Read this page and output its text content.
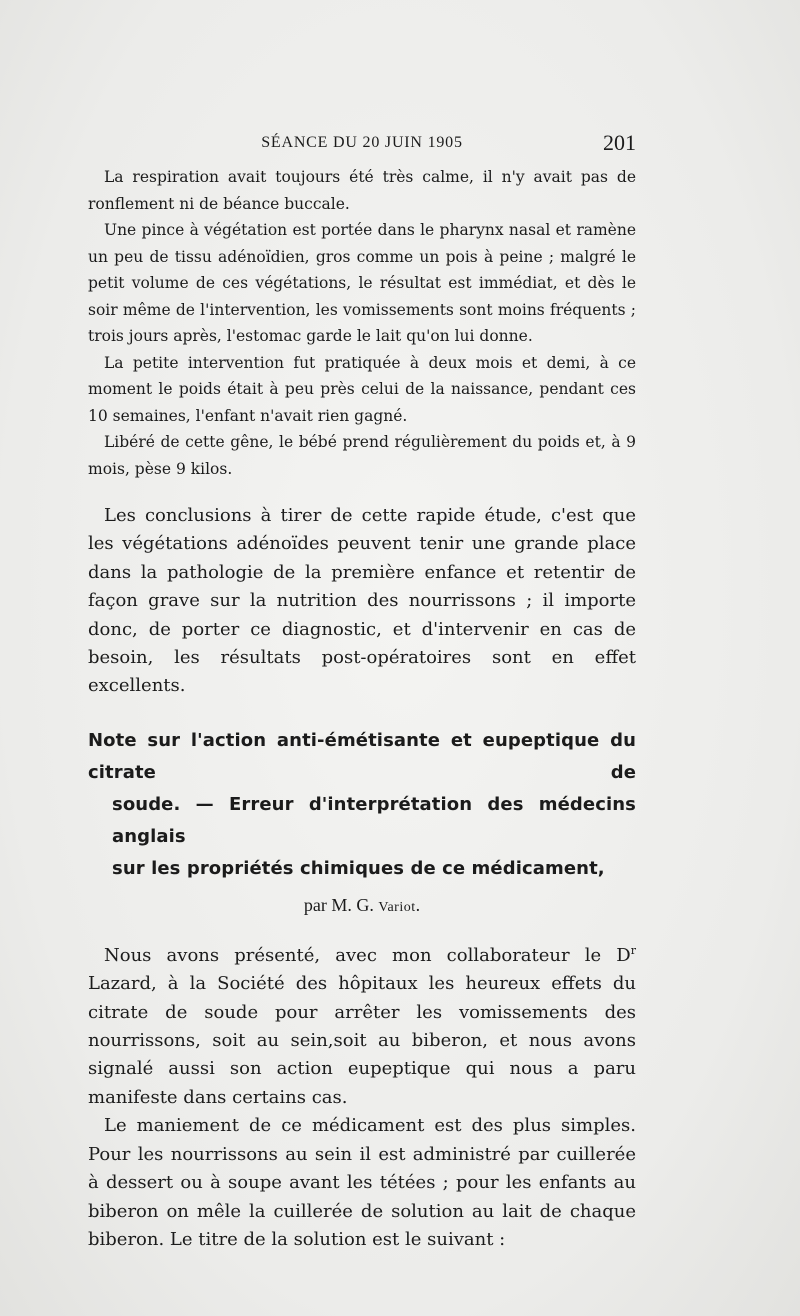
SÉANCE DU 20 JUIN 1905	201

La respiration avait toujours été très calme, il n'y avait pas de ronflement ni de béance buccale.

Une pince à végétation est portée dans le pharynx nasal et ramène un peu de tissu adénoïdien, gros comme un pois à peine ; malgré le petit volume de ces végétations, le résultat est immédiat, et dès le soir même de l'intervention, les vomissements sont moins fréquents ; trois jours après, l'estomac garde le lait qu'on lui donne.

La petite intervention fut pratiquée à deux mois et demi, à ce moment le poids était à peu près celui de la naissance, pendant ces 10 semaines, l'enfant n'avait rien gagné.

Libéré de cette gêne, le bébé prend régulièrement du poids et, à 9 mois, pèse 9 kilos.

Les conclusions à tirer de cette rapide étude, c'est que les végétations adénoïdes peuvent tenir une grande place dans la pathologie de la première enfance et retentir de façon grave sur la nutrition des nourrissons ; il importe donc, de porter ce diagnostic, et d'intervenir en cas de besoin, les résultats post-opératoires sont en effet excellents.

Note sur l'action anti-émétisante et eupeptique du citrate de
soude. — Erreur d'interprétation des médecins anglais
sur les propriétés chimiques de ce médicament,
par M. G. Variot.

Nous avons présenté, avec mon collaborateur le $D^r$ Lazard, à la Société des hôpitaux les heureux effets du citrate de soude pour arrêter les vomissements des nourrissons, soit au sein,soit au biberon, et nous avons signalé aussi son action eupeptique qui nous a paru manifeste dans certains cas.

Le maniement de ce médicament est des plus simples. Pour les nourrissons au sein il est administré par cuillerée à dessert ou à soupe avant les tétées ; pour les enfants au biberon on mêle la cuillerée de solution au lait de chaque biberon. Le titre de la solution est le suivant :
